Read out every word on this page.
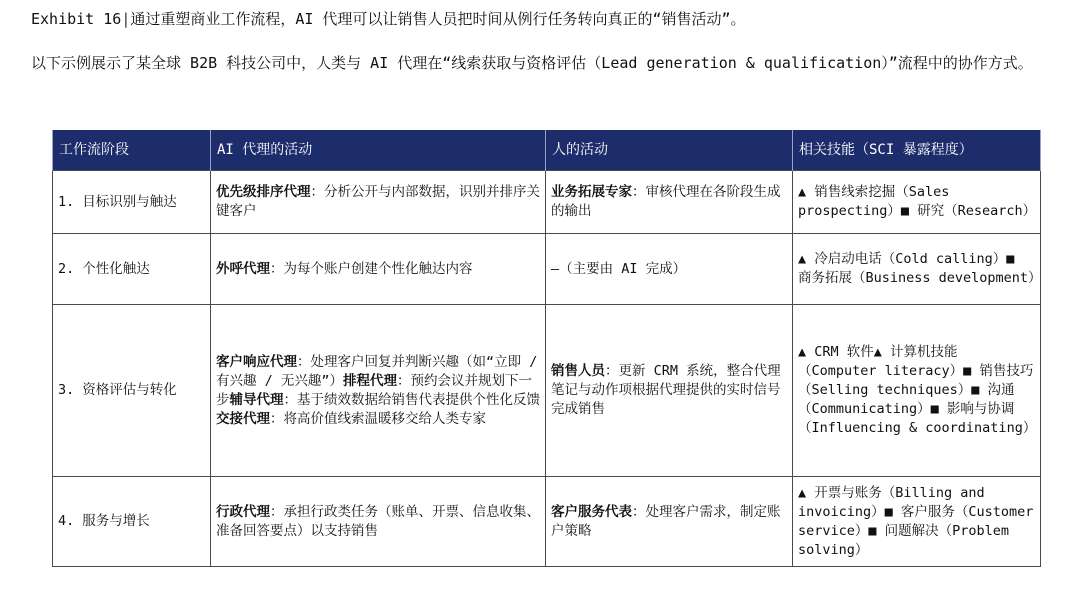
Exhibit 16|通过重塑商业工作流程，AI 代理可以让销售人员把时间从例行任务转向真正的“销售活动”。
以下示例展示了某全球 B2B 科技公司中，人类与 AI 代理在“线索获取与资格评估（Lead generation & qualification）”流程中的协作方式。
工作流阶段	AI 代理的活动	人的活动	相关技能（SCI 暴露程度）
1. 目标识别与触达	优先级排序代理：分析公开与内部数据，识别并排序关键客户	业务拓展专家：审核代理在各阶段生成的输出	▲ 销售线索挖掘（Sales prospecting）■ 研究（Research）
2. 个性化触达	外呼代理：为每个账户创建个性化触达内容	—（主要由 AI 完成）	▲ 冷启动电话（Cold calling）■ 商务拓展（Business development）
3. 资格评估与转化	客户响应代理：处理客户回复并判断兴趣（如“立即 / 有兴趣 / 无兴趣”）排程代理：预约会议并规划下一步辅导代理：基于绩效数据给销售代表提供个性化反馈交接代理：将高价值线索温暖移交给人类专家	销售人员：更新 CRM 系统，整合代理笔记与动作项根据代理提供的实时信号完成销售	▲ CRM 软件▲ 计算机技能（Computer literacy）■ 销售技巧（Selling techniques）■ 沟通（Communicating）■ 影响与协调（Influencing & coordinating）
4. 服务与增长	行政代理：承担行政类任务（账单、开票、信息收集、准备回答要点）以支持销售	客户服务代表：处理客户需求，制定账户策略	▲ 开票与账务（Billing and invoicing）■ 客户服务（Customer service）■ 问题解决（Problem solving）
